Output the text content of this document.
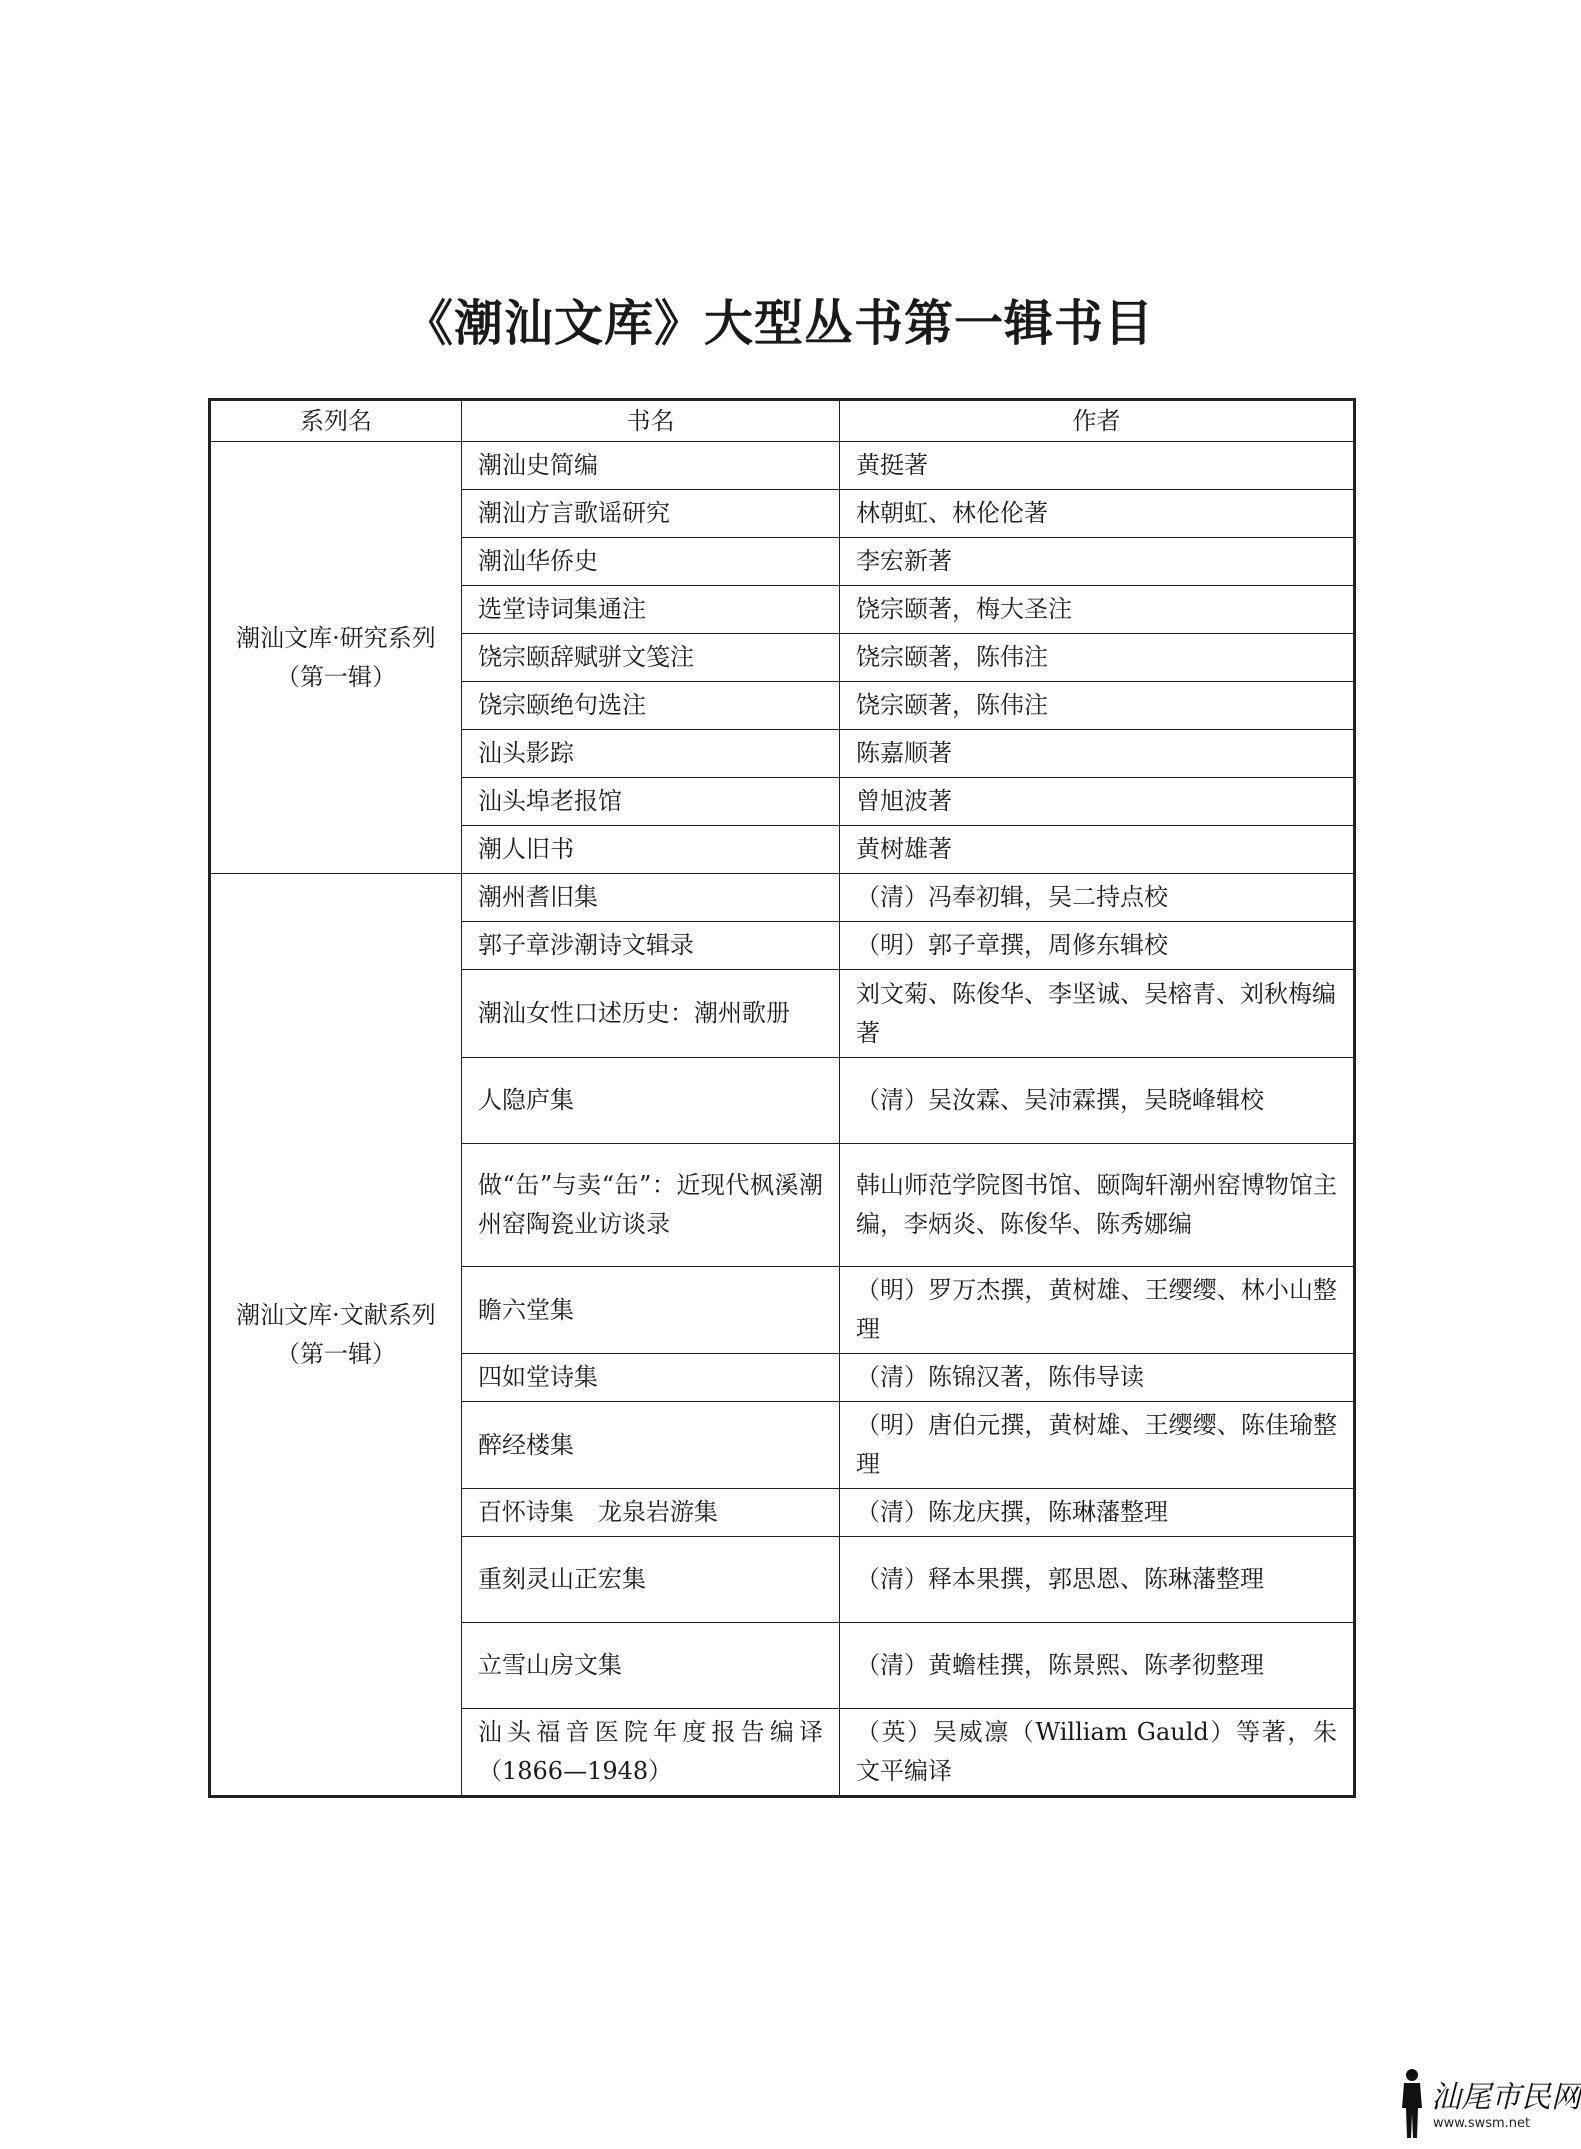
《潮汕文库》大型丛书第一辑书目
系列名	书名	作者

潮汕文库·研究系列
（第一辑）	潮汕史简编	黄挺著
	潮汕方言歌谣研究	林朝虹、林伦伦著
	潮汕华侨史	李宏新著
	选堂诗词集通注	饶宗颐著，梅大圣注
	饶宗颐辞赋骈文笺注	饶宗颐著，陈伟注
	饶宗颐绝句选注	饶宗颐著，陈伟注
	汕头影踪	陈嘉顺著
	汕头埠老报馆	曾旭波著
	潮人旧书	黄树雄著

潮汕文库·文献系列
（第一辑）	潮州耆旧集	（清）冯奉初辑，吴二持点校
	郭子章涉潮诗文辑录	（明）郭子章撰，周修东辑校
	潮汕女性口述历史：潮州歌册	刘文菊、陈俊华、李坚诚、吴榕青、刘秋梅编著
	人隐庐集	（清）吴汝霖、吴沛霖撰，吴晓峰辑校
	做“缶”与卖“缶”：近现代枫溪潮州窑陶瓷业访谈录	韩山师范学院图书馆、颐陶轩潮州窑博物馆主编，李炳炎、陈俊华、陈秀娜编
	瞻六堂集	（明）罗万杰撰，黄树雄、王缨缨、林小山整理
	四如堂诗集	（清）陈锦汉著，陈伟导读
	醉经楼集	（明）唐伯元撰，黄树雄、王缨缨、陈佳瑜整理
	百怀诗集　龙泉岩游集	（清）陈龙庆撰，陈琳藩整理
	重刻灵山正宏集	（清）释本果撰，郭思恩、陈琳藩整理
	立雪山房文集	（清）黄蟾桂撰，陈景熙、陈孝彻整理
	汕头福音医院年度报告编译（1866—1948）	（英）吴威凛（William Gauld）等著，朱文平编译
汕尾市民网
www.swsm.net
